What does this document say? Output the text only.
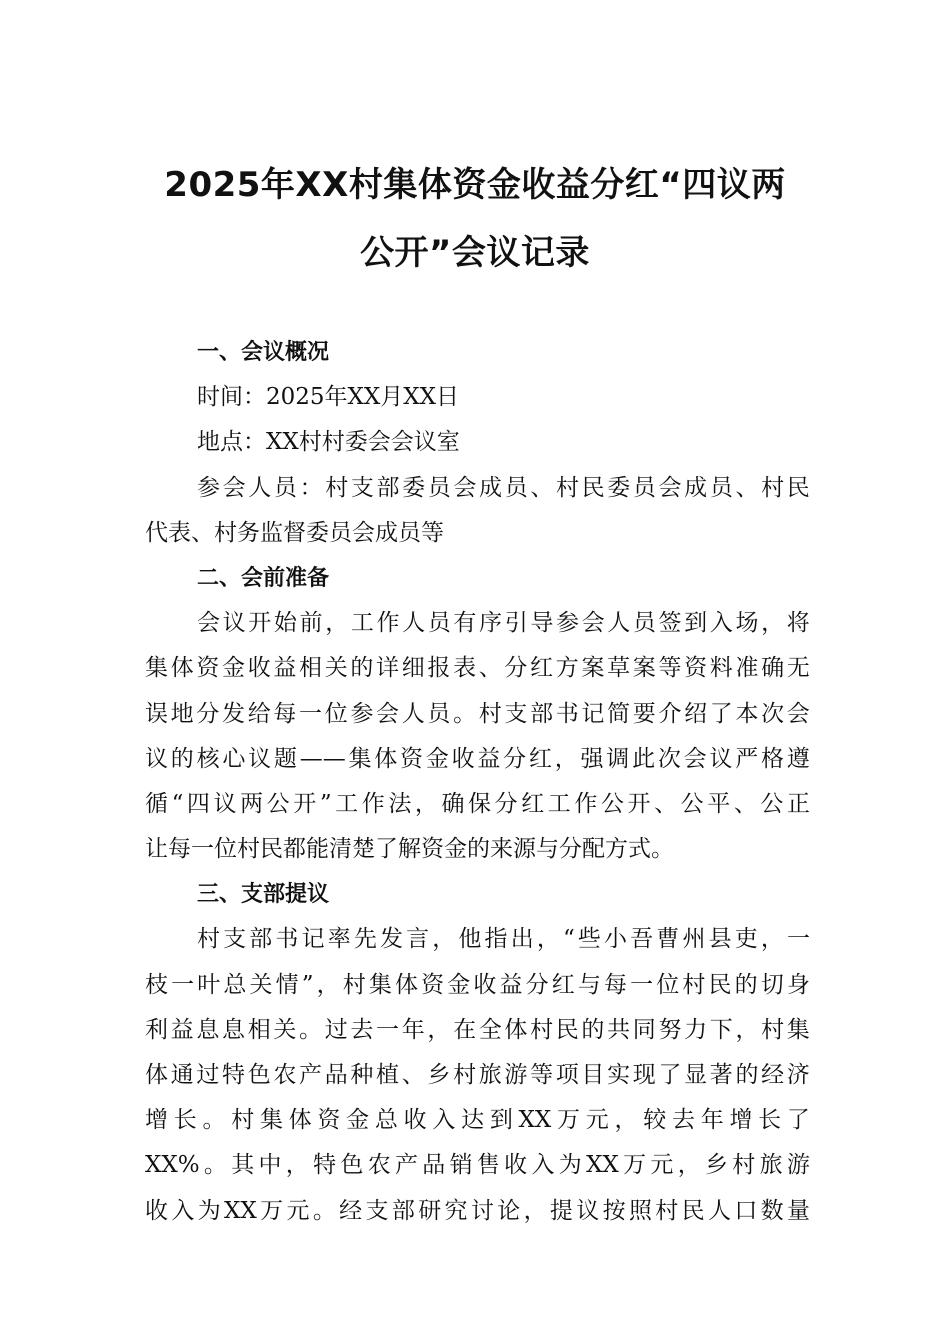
2025年XX村集体资金收益分红“四议两
公开”会议记录
一、会议概况
时间：2025年XX月XX日
地点：XX村村委会会议室
参 会 人 员 ： 村 支 部 委 员 会 成 员 、 村 民 委 员 会 成 员 、 村 民
代表、村务监督委员会成员等
二、会前准备
会 议 开 始 前 ， 工 作 人 员 有 序 引 导 参 会 人 员 签 到 入 场 ， 将
集 体 资 金 收 益 相 关 的 详 细 报 表 、 分 红 方 案 草 案 等 资 料 准 确 无
误 地 分 发 给 每 一 位 参 会 人 员 。 村 支 部 书 记 简 要 介 绍 了 本 次 会
议 的 核 心 议 题 —— 集 体 资 金 收 益 分 红 ， 强 调 此 次 会 议 严 格 遵
循 “ 四 议 两 公 开 ” 工 作 法 ， 确 保 分 红 工 作 公 开 、 公 平 、 公 正
让每一位村民都能清楚了解资金的来源与分配方式。
三、支部提议
村 支 部 书 记 率 先 发 言 ， 他 指 出 ， “ 些 小 吾 曹 州 县 吏 ， 一
枝 一 叶 总 关 情 ” ， 村 集 体 资 金 收 益 分 红 与 每 一 位 村 民 的 切 身
利 益 息 息 相 关 。 过 去 一 年 ， 在 全 体 村 民 的 共 同 努 力 下 ， 村 集
体 通 过 特 色 农 产 品 种 植 、 乡 村 旅 游 等 项 目 实 现 了 显 著 的 经 济
增 长 。 村 集 体 资 金 总 收 入 达 到 XX 万 元 ， 较 去 年 增 长 了
XX% 。 其 中 ， 特 色 农 产 品 销 售 收 入 为 XX 万 元 ， 乡 村 旅 游
收 入 为 XX 万 元 。 经 支 部 研 究 讨 论 ， 提 议 按 照 村 民 人 口 数 量
